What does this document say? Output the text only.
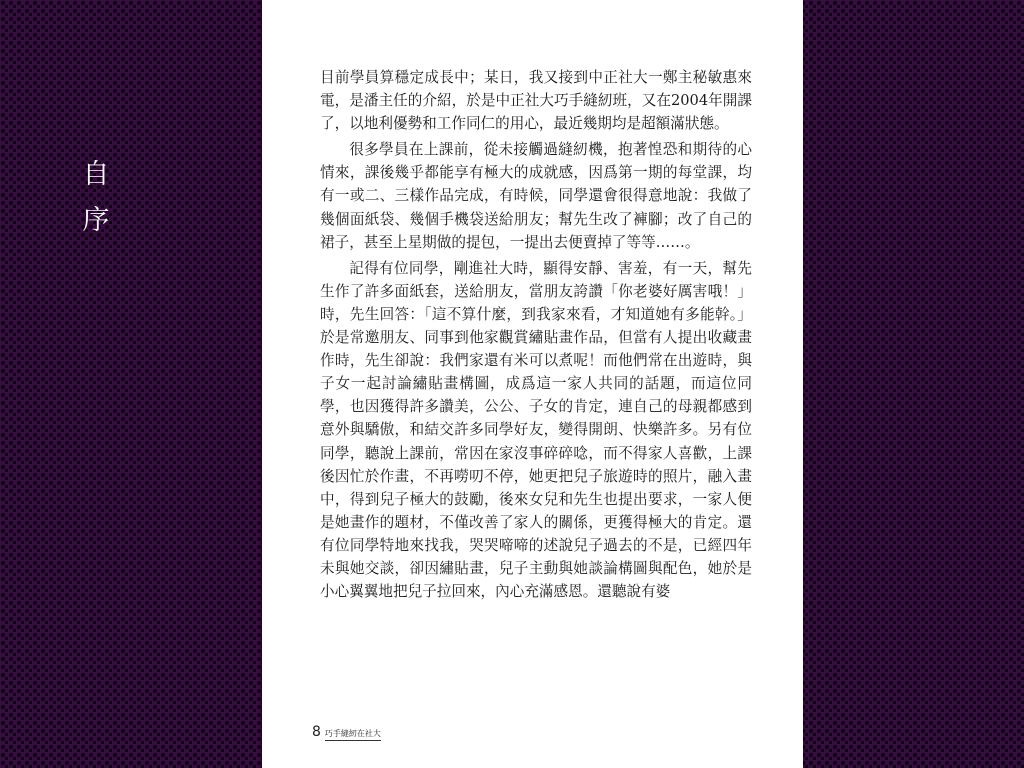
自
序

目前學員算穩定成長中；某日，我又接到中正社大一鄭主秘敏惠來電，是潘主任的介紹，於是中正社大巧手縫紉班，又在2004年開課了，以地利優勢和工作同仁的用心，最近幾期均是超額滿狀態。

很多學員在上課前，從未接觸過縫紉機，抱著惶恐和期待的心情來，課後幾乎都能享有極大的成就感，因爲第一期的每堂課，均有一或二、三樣作品完成，有時候，同學還會很得意地說：我做了幾個面紙袋、幾個手機袋送給朋友；幫先生改了褲腳；改了自己的裙子，甚至上星期做的提包，一提出去便賣掉了等等……。

記得有位同學，剛進社大時，顯得安靜、害羞，有一天，幫先生作了許多面紙套，送給朋友，當朋友誇讚「你老婆好厲害哦！」時，先生回答：「這不算什麼，到我家來看，才知道她有多能幹。」於是常邀朋友、同事到他家觀賞繡貼畫作品，但當有人提出收藏畫作時，先生卻說：我們家還有米可以煮呢！而他們常在出遊時，與子女一起討論繡貼畫構圖，成爲這一家人共同的話題，而這位同學，也因獲得許多讚美，公公、子女的肯定，連自己的母親都感到意外與驕傲，和結交許多同學好友，變得開朗、快樂許多。另有位同學，聽說上課前，常因在家沒事碎碎唸，而不得家人喜歡，上課後因忙於作畫，不再嘮叨不停，她更把兒子旅遊時的照片，融入畫中，得到兒子極大的鼓勵，後來女兒和先生也提出要求，一家人便是她畫作的題材，不僅改善了家人的關係，更獲得極大的肯定。還有位同學特地來找我，哭哭啼啼的述說兒子過去的不是，已經四年未與她交談，卻因繡貼畫，兒子主動與她談論構圖與配色，她於是小心翼翼地把兒子拉回來，內心充滿感恩。還聽說有婆

8 巧手縫紉在社大
